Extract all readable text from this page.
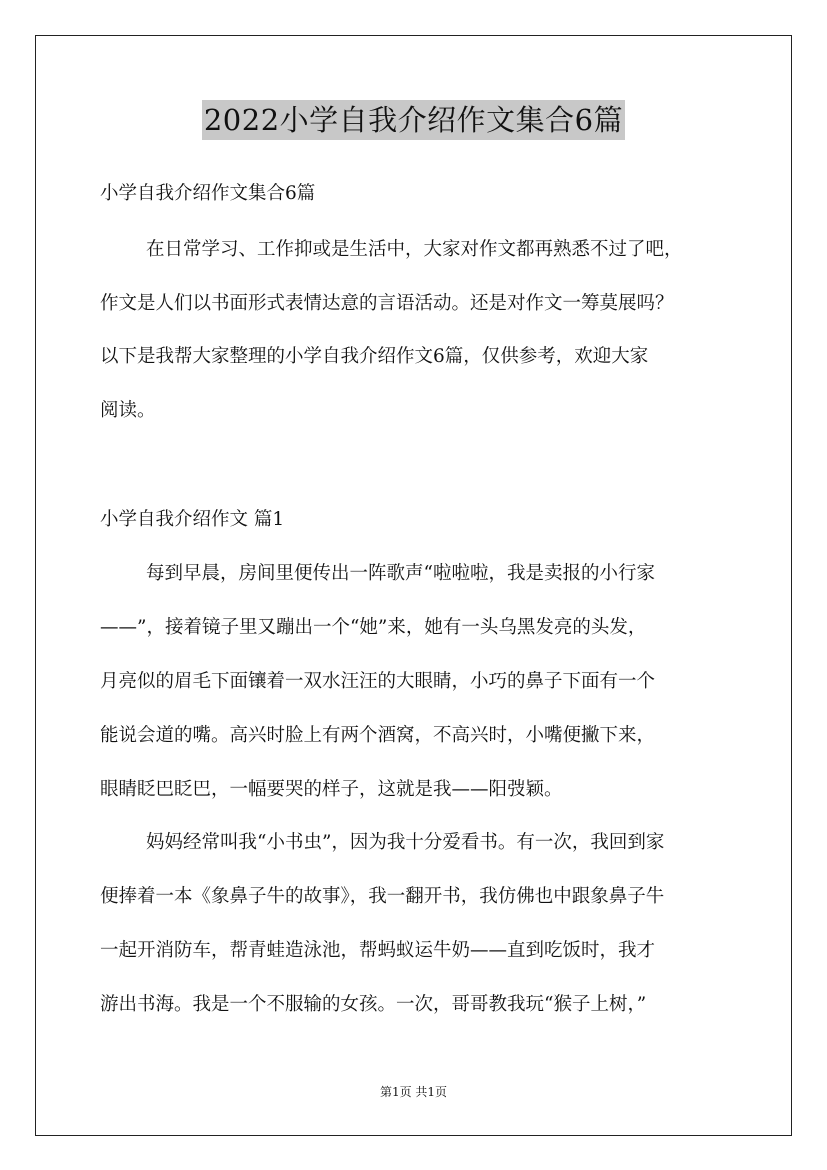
2022小学自我介绍作文集合6篇
小学自我介绍作文集合6篇
在日常学习、工作抑或是生活中，大家对作文都再熟悉不过了吧，
作文是人们以书面形式表情达意的言语活动。还是对作文一筹莫展吗？
以下是我帮大家整理的小学自我介绍作文6篇，仅供参考，欢迎大家
阅读。
小学自我介绍作文 篇1
每到早晨，房间里便传出一阵歌声“啦啦啦，我是卖报的小行家
——”，接着镜子里又蹦出一个“她”来，她有一头乌黑发亮的头发，
月亮似的眉毛下面镶着一双水汪汪的大眼睛，小巧的鼻子下面有一个
能说会道的嘴。高兴时脸上有两个酒窝，不高兴时，小嘴便撇下来，
眼睛眨巴眨巴，一幅要哭的样子，这就是我——阳弢颖。
妈妈经常叫我“小书虫”，因为我十分爱看书。有一次，我回到家
便捧着一本《象鼻子牛的故事》，我一翻开书，我仿佛也中跟象鼻子牛
一起开消防车，帮青蛙造泳池，帮蚂蚁运牛奶——直到吃饭时，我才
游出书海。我是一个不服输的女孩。一次，哥哥教我玩“猴子上树，”
第1页 共1页
